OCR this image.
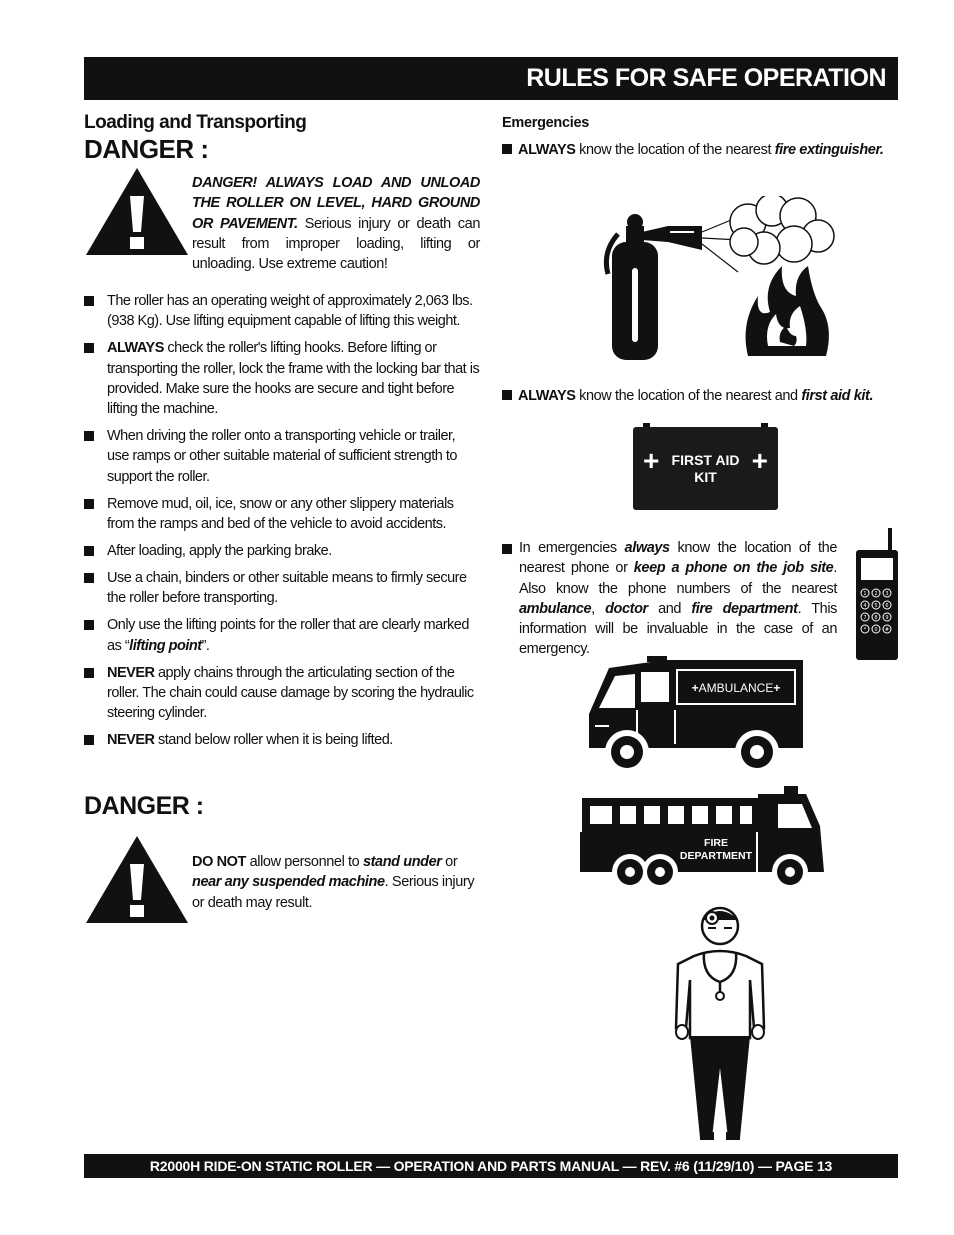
RULES FOR SAFE OPERATION
Loading and Transporting
DANGER :
DANGER! ALWAYS LOAD AND UNLOAD THE ROLLER ON LEVEL, HARD GROUND OR PAVEMENT. Serious injury or death can result from improper loading, lifting or unloading. Use extreme caution!
The roller has an operating weight of approximately 2,063 lbs. (938 Kg). Use lifting equipment capable of lifting this weight.
ALWAYS check the roller's lifting hooks. Before lifting or transporting the roller, lock the frame with the locking bar that is provided. Make sure the hooks are secure and tight before lifting the machine.
When driving the roller onto a transporting vehicle or trailer, use ramps or other suitable material of sufficient strength to support the roller.
Remove mud, oil, ice, snow or any other slippery materials from the ramps and bed of the vehicle to avoid accidents.
After loading, apply the parking brake.
Use a chain, binders or other suitable means to firmly secure the roller before transporting.
Only use the lifting points for the roller that are clearly marked as “lifting point”.
NEVER apply chains through the articulating section of the roller. The chain could cause damage by scoring the hydraulic steering cylinder.
NEVER stand below roller when it is being lifted.
DANGER :
DO NOT allow personnel to stand under or near any suspended machine. Serious injury or death may result.
Emergencies
ALWAYS know the location of the nearest fire extinguisher.
ALWAYS know the location of the nearest and first aid kit.
+	+
FIRST AID
KIT
In emergencies always know the location of the nearest phone or keep a phone on the job site. Also know the phone numbers of the nearest ambulance, doctor and fire department. This information will be invaluable in the case of an emergency.
1 2 3
4 5 6
7 8 9
* 0 #
+AMBULANCE+
FIRE
DEPARTMENT
R2000H RIDE-ON STATIC ROLLER — OPERATION AND PARTS MANUAL — REV. #6 (11/29/10) — PAGE 13
